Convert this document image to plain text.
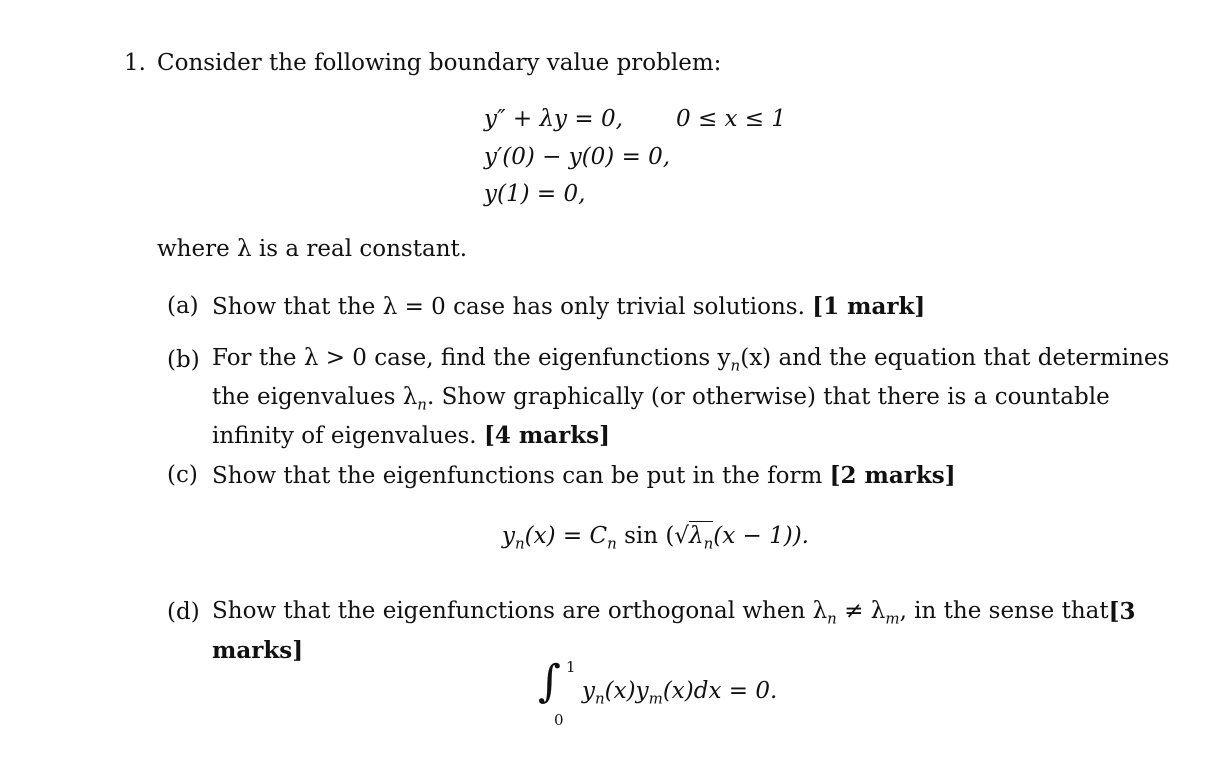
1. Consider the following boundary value problem:
y″ + λy = 0, 0 ≤ x ≤ 1
y′(0) − y(0) = 0,
y(1) = 0,
where λ is a real constant.
(a) Show that the λ = 0 case has only trivial solutions. [1 mark]
(b) For the λ > 0 case, find the eigenfunctions $y_n(x)$ and the equation that determines
the eigenvalues $\lambda_n$. Show graphically (or otherwise) that there is a countable
infinity of eigenvalues. [4 marks]
(c) Show that the eigenfunctions can be put in the form [2 marks]
$y_n(x) = C_n$ $\sin (√\lambda_n(x - 1))$.
(d) Show that the eigenfunctions are orthogonal when $\lambda_n \ne \lambda_m$, in the sense that [3
marks]
∫ 1
0
$y_n(x)y_m(x)dx = 0$.
